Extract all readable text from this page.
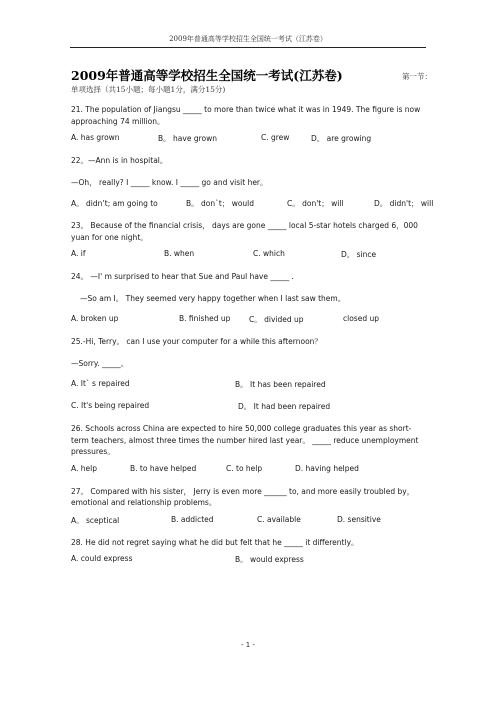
2009年普通高等学校招生全国统一考试（江苏卷）
2009年普通高等学校招生全国统一考试(江苏卷)	第一节：

单项选择（共15小题；每小题1分，满分15分)

21. The population of Jiangsu _____ to more than twice what it was in 1949. The figure is now approaching 74 million。

A. has grown	B。 have grown	C. grew	D。 are growing

22。—Ann is in hospital。

—Oh， really? I _____ know. I _____ go and visit her。

A。 didn’t; am going to	B。 don`t； would	C。 don't； will	D。 didn't； will

23。 Because of the financial crisis， days are gone _____ local 5-star hotels charged 6，000 yuan for one night。

A. if	B. when	C. which	D。 since

24。 —I' m surprised to hear that Sue and Paul have _____ .

—So am I。 They seemed very happy together when I last saw them。

A. broken up	B. finished up C。 divided up	closed up

25.-Hi, Terry。 can I use your computer for a while this afternoon？

—Sorry. _____。

A. It` s repaired	B。 It has been repaired
C. It's being repaired	D。 It had been repaired

26. Schools across China are expected to hire 50,000 college graduates this year as short-term teachers, almost three times the number hired last year。 _____ reduce unemployment pressures。

A. help	B. to have helped	C. to help	D. having helped

27。 Compared with his sister， Jerry is even more ______ to, and more easily troubled by，emotional and relationship problems。

A。 sceptical	B. addicted	C. available	D. sensitive

28. He did not regret saying what he did but felt that he _____ it differently。

A. could express	B。 would express
- 1 -
